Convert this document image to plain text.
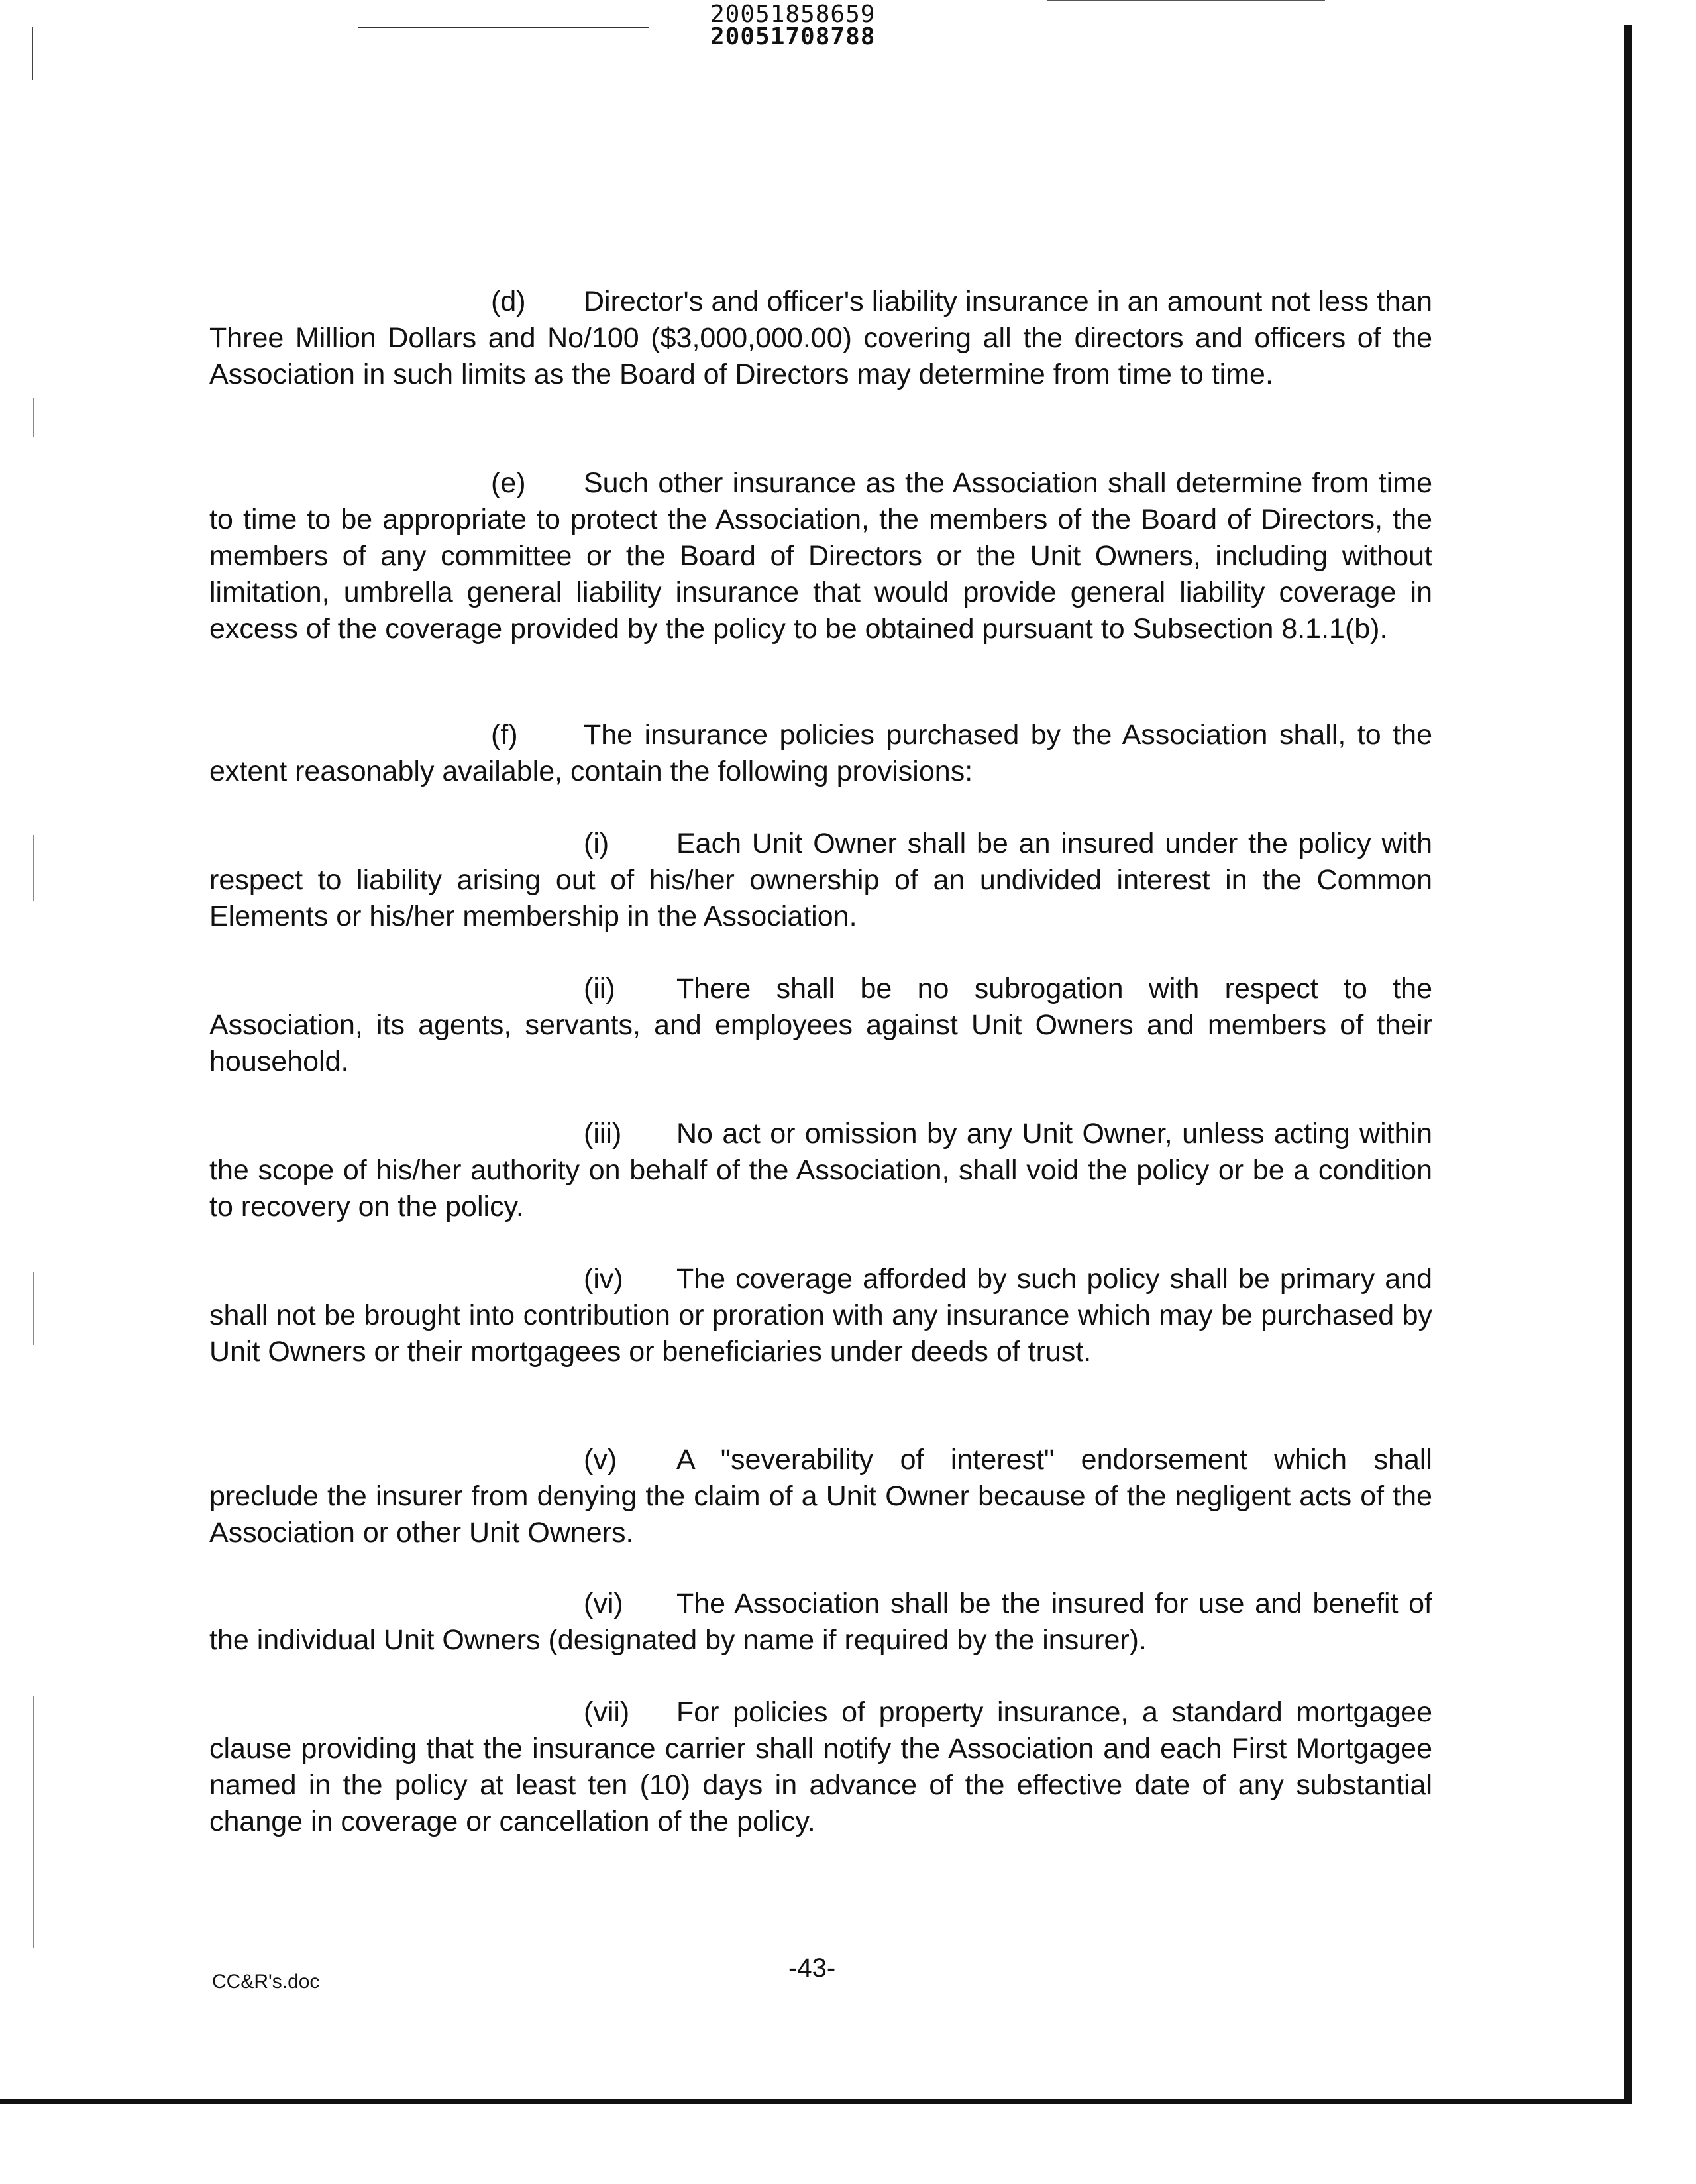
20051858659
20051708788

(d) Director's and officer's liability insurance in an amount not less than Three Million Dollars and No/100 ($3,000,000.00) covering all the directors and officers of the Association in such limits as the Board of Directors may determine from time to time.

(e) Such other insurance as the Association shall determine from time to time to be appropriate to protect the Association, the members of the Board of Directors, the members of any committee or the Board of Directors or the Unit Owners, including without limitation, umbrella general liability insurance that would provide general liability coverage in excess of the coverage provided by the policy to be obtained pursuant to Subsection 8.1.1(b).

(f) The insurance policies purchased by the Association shall, to the extent reasonably available, contain the following provisions:

(i) Each Unit Owner shall be an insured under the policy with respect to liability arising out of his/her ownership of an undivided interest in the Common Elements or his/her membership in the Association.

(ii) There shall be no subrogation with respect to the Association, its agents, servants, and employees against Unit Owners and members of their household.

(iii) No act or omission by any Unit Owner, unless acting within the scope of his/her authority on behalf of the Association, shall void the policy or be a condition to recovery on the policy.

(iv) The coverage afforded by such policy shall be primary and shall not be brought into contribution or proration with any insurance which may be purchased by Unit Owners or their mortgagees or beneficiaries under deeds of trust.

(v) A "severability of interest" endorsement which shall preclude the insurer from denying the claim of a Unit Owner because of the negligent acts of the Association or other Unit Owners.

(vi) The Association shall be the insured for use and benefit of the individual Unit Owners (designated by name if required by the insurer).

(vii) For policies of property insurance, a standard mortgagee clause providing that the insurance carrier shall notify the Association and each First Mortgagee named in the policy at least ten (10) days in advance of the effective date of any substantial change in coverage or cancellation of the policy.

CC&R's.doc	-43-
